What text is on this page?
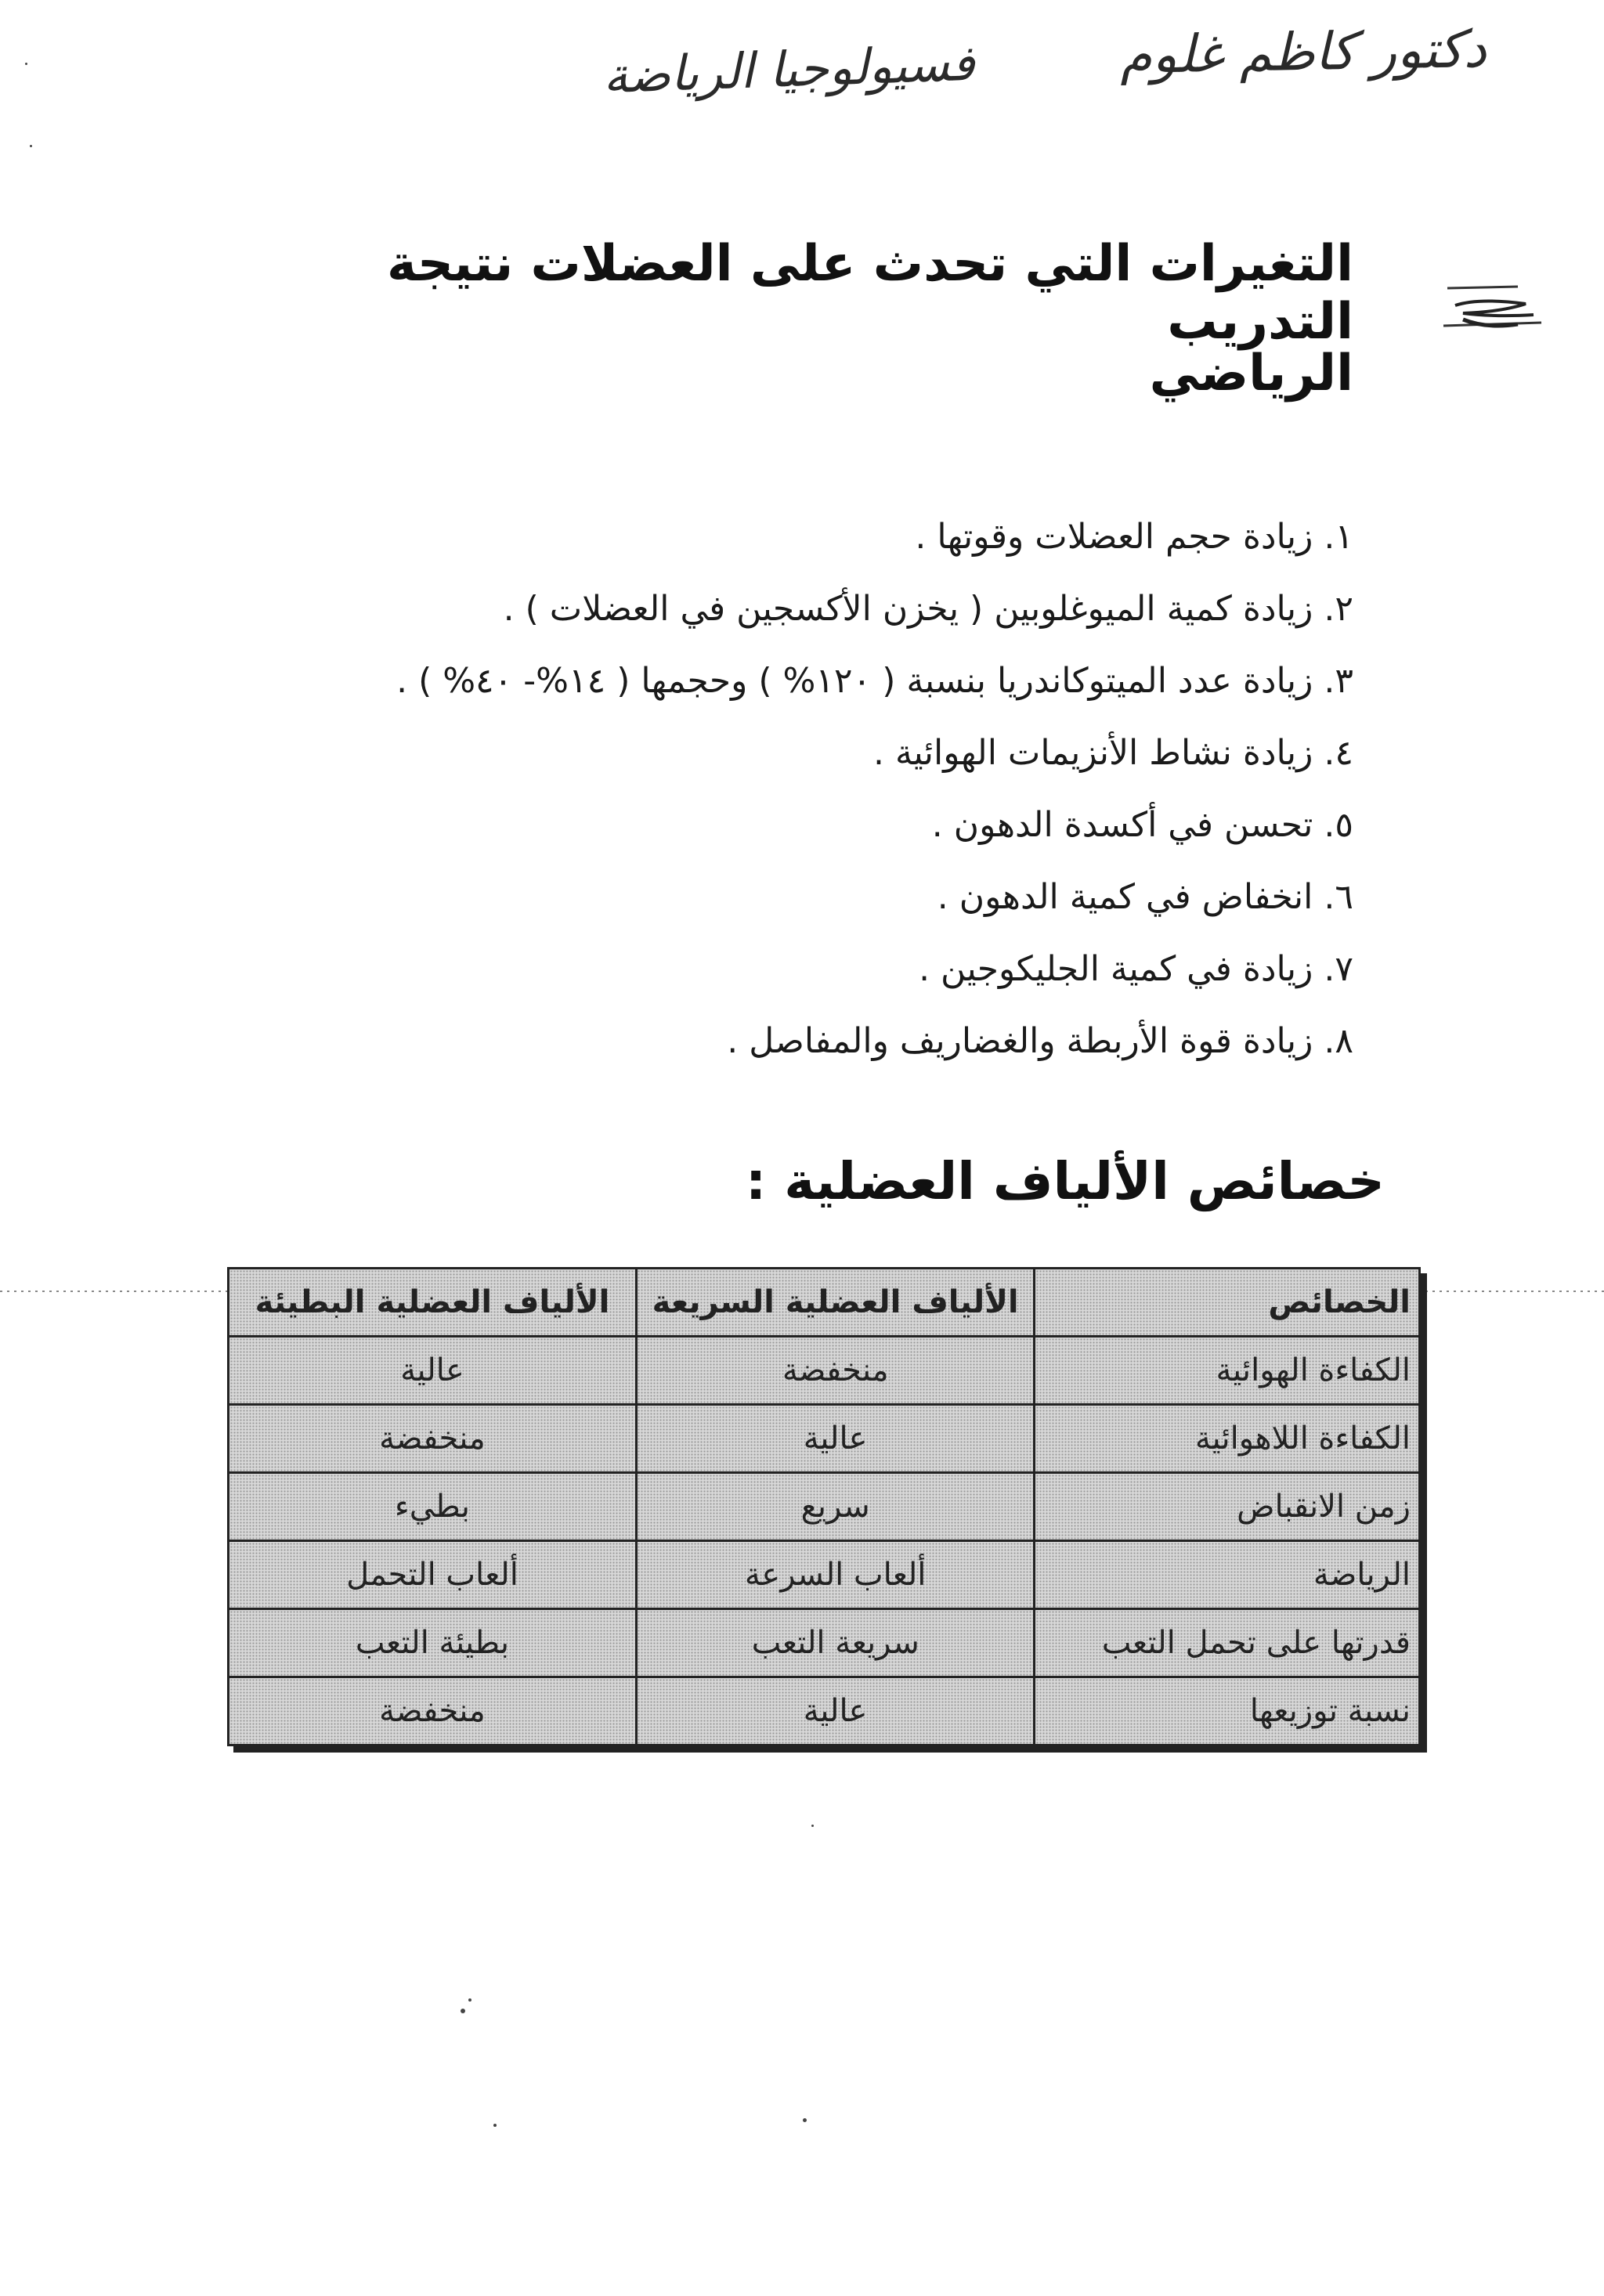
فسيولوجيا الرياضة	دكتور كاظم غلوم
التغيرات التي تحدث على العضلات نتيجة التدريب
الرياضي
١. زيادة حجم العضلات وقوتها .
٢. زيادة كمية الميوغلوبين ( يخزن الأكسجين في العضلات ) .
٣. زيادة عدد الميتوكاندريا بنسبة ( ١٢٠% ) وحجمها ( ١٤%- ٤٠% ) .
٤. زيادة نشاط الأنزيمات الهوائية .
٥. تحسن في أكسدة الدهون .
٦. انخفاض في كمية الدهون .
٧. زيادة في كمية الجليكوجين .
٨. زيادة قوة الأربطة والغضاريف والمفاصل .
خصائص الألياف العضلية :
الخصائص	الألياف العضلية السريعة	الألياف العضلية البطيئة
الكفاءة الهوائية	منخفضة	عالية
الكفاءة اللاهوائية	عالية	منخفضة
زمن الانقباض	سريع	بطيء
الرياضة	ألعاب السرعة	ألعاب التحمل
قدرتها على تحمل التعب	سريعة التعب	بطيئة التعب
نسبة توزيعها	عالية	منخفضة
